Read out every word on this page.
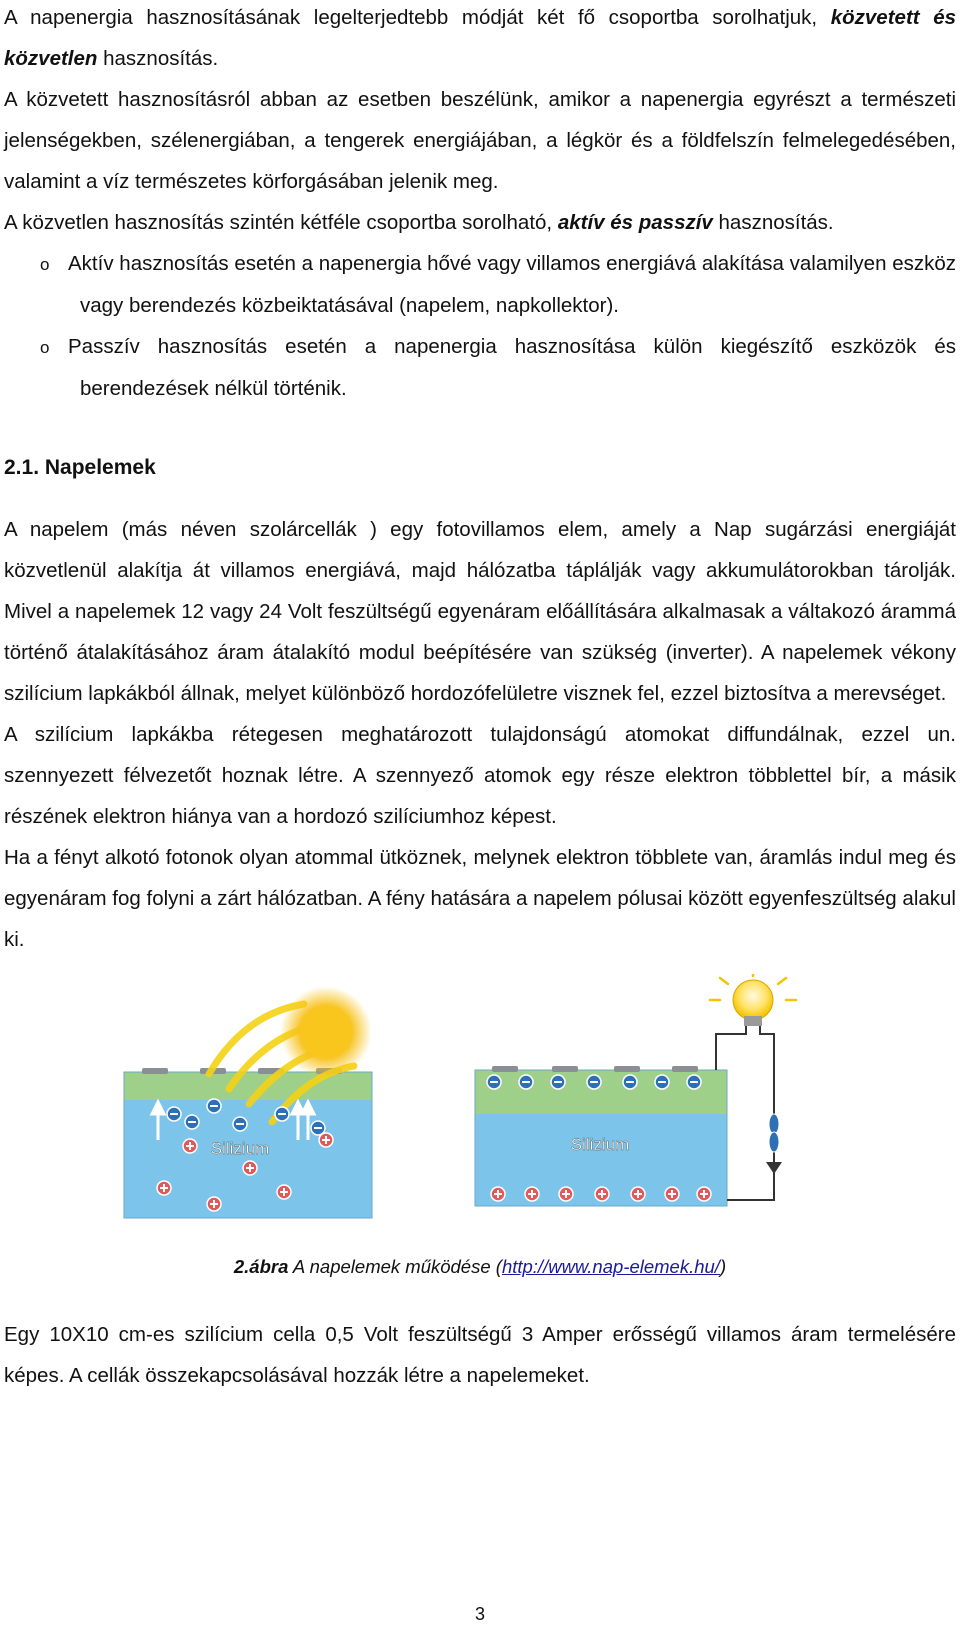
A napenergia hasznosításának legelterjedtebb módját két fő csoportba sorolhatjuk, közvetett és közvetlen hasznosítás.

A közvetett hasznosításról abban az esetben beszélünk, amikor a napenergia egyrészt a természeti jelenségekben, szélenergiában, a tengerek energiájában, a légkör és a földfelszín felmelegedésében, valamint a víz természetes körforgásában jelenik meg.

A közvetlen hasznosítás szintén kétféle csoportba sorolható, aktív és passzív hasznosítás.

o Aktív hasznosítás esetén a napenergia hővé vagy villamos energiává alakítása valamilyen eszköz vagy berendezés közbeiktatásával (napelem, napkollektor).

o Passzív hasznosítás esetén a napenergia hasznosítása külön kiegészítő eszközök és berendezések nélkül történik.

2.1. Napelemek

A napelem (más néven szolárcellák ) egy fotovillamos elem, amely a Nap sugárzási energiáját közvetlenül alakítja át villamos energiává, majd hálózatba táplálják vagy akkumulátorokban tárolják. Mivel a napelemek 12 vagy 24 Volt feszültségű egyenáram előállítására alkalmasak a váltakozó árammá történő átalakításához áram átalakító modul beépítésére van szükség (inverter). A napelemek vékony szilícium lapkákból állnak, melyet különböző hordozófelületre visznek fel, ezzel biztosítva a merevséget.

A szilícium lapkákba rétegesen meghatározott tulajdonságú atomokat diffundálnak, ezzel un. szennyezett félvezetőt hoznak létre. A szennyező atomok egy része elektron többlettel bír, a másik részének elektron hiánya van a hordozó szilíciumhoz képest.

Ha a fényt alkotó fotonok olyan atommal ütköznek, melynek elektron többlete van, áramlás indul meg és egyenáram fog folyni a zárt hálózatban. A fény hatására a napelem pólusai között egyenfeszültség alakul ki.

Silizium	Silizium
2.ábra A napelemek működése (http://www.nap-elemek.hu/)

Egy 10X10 cm-es szilícium cella 0,5 Volt feszültségű 3 Amper erősségű villamos áram termelésére képes. A cellák összekapcsolásával hozzák létre a napelemeket.

3
